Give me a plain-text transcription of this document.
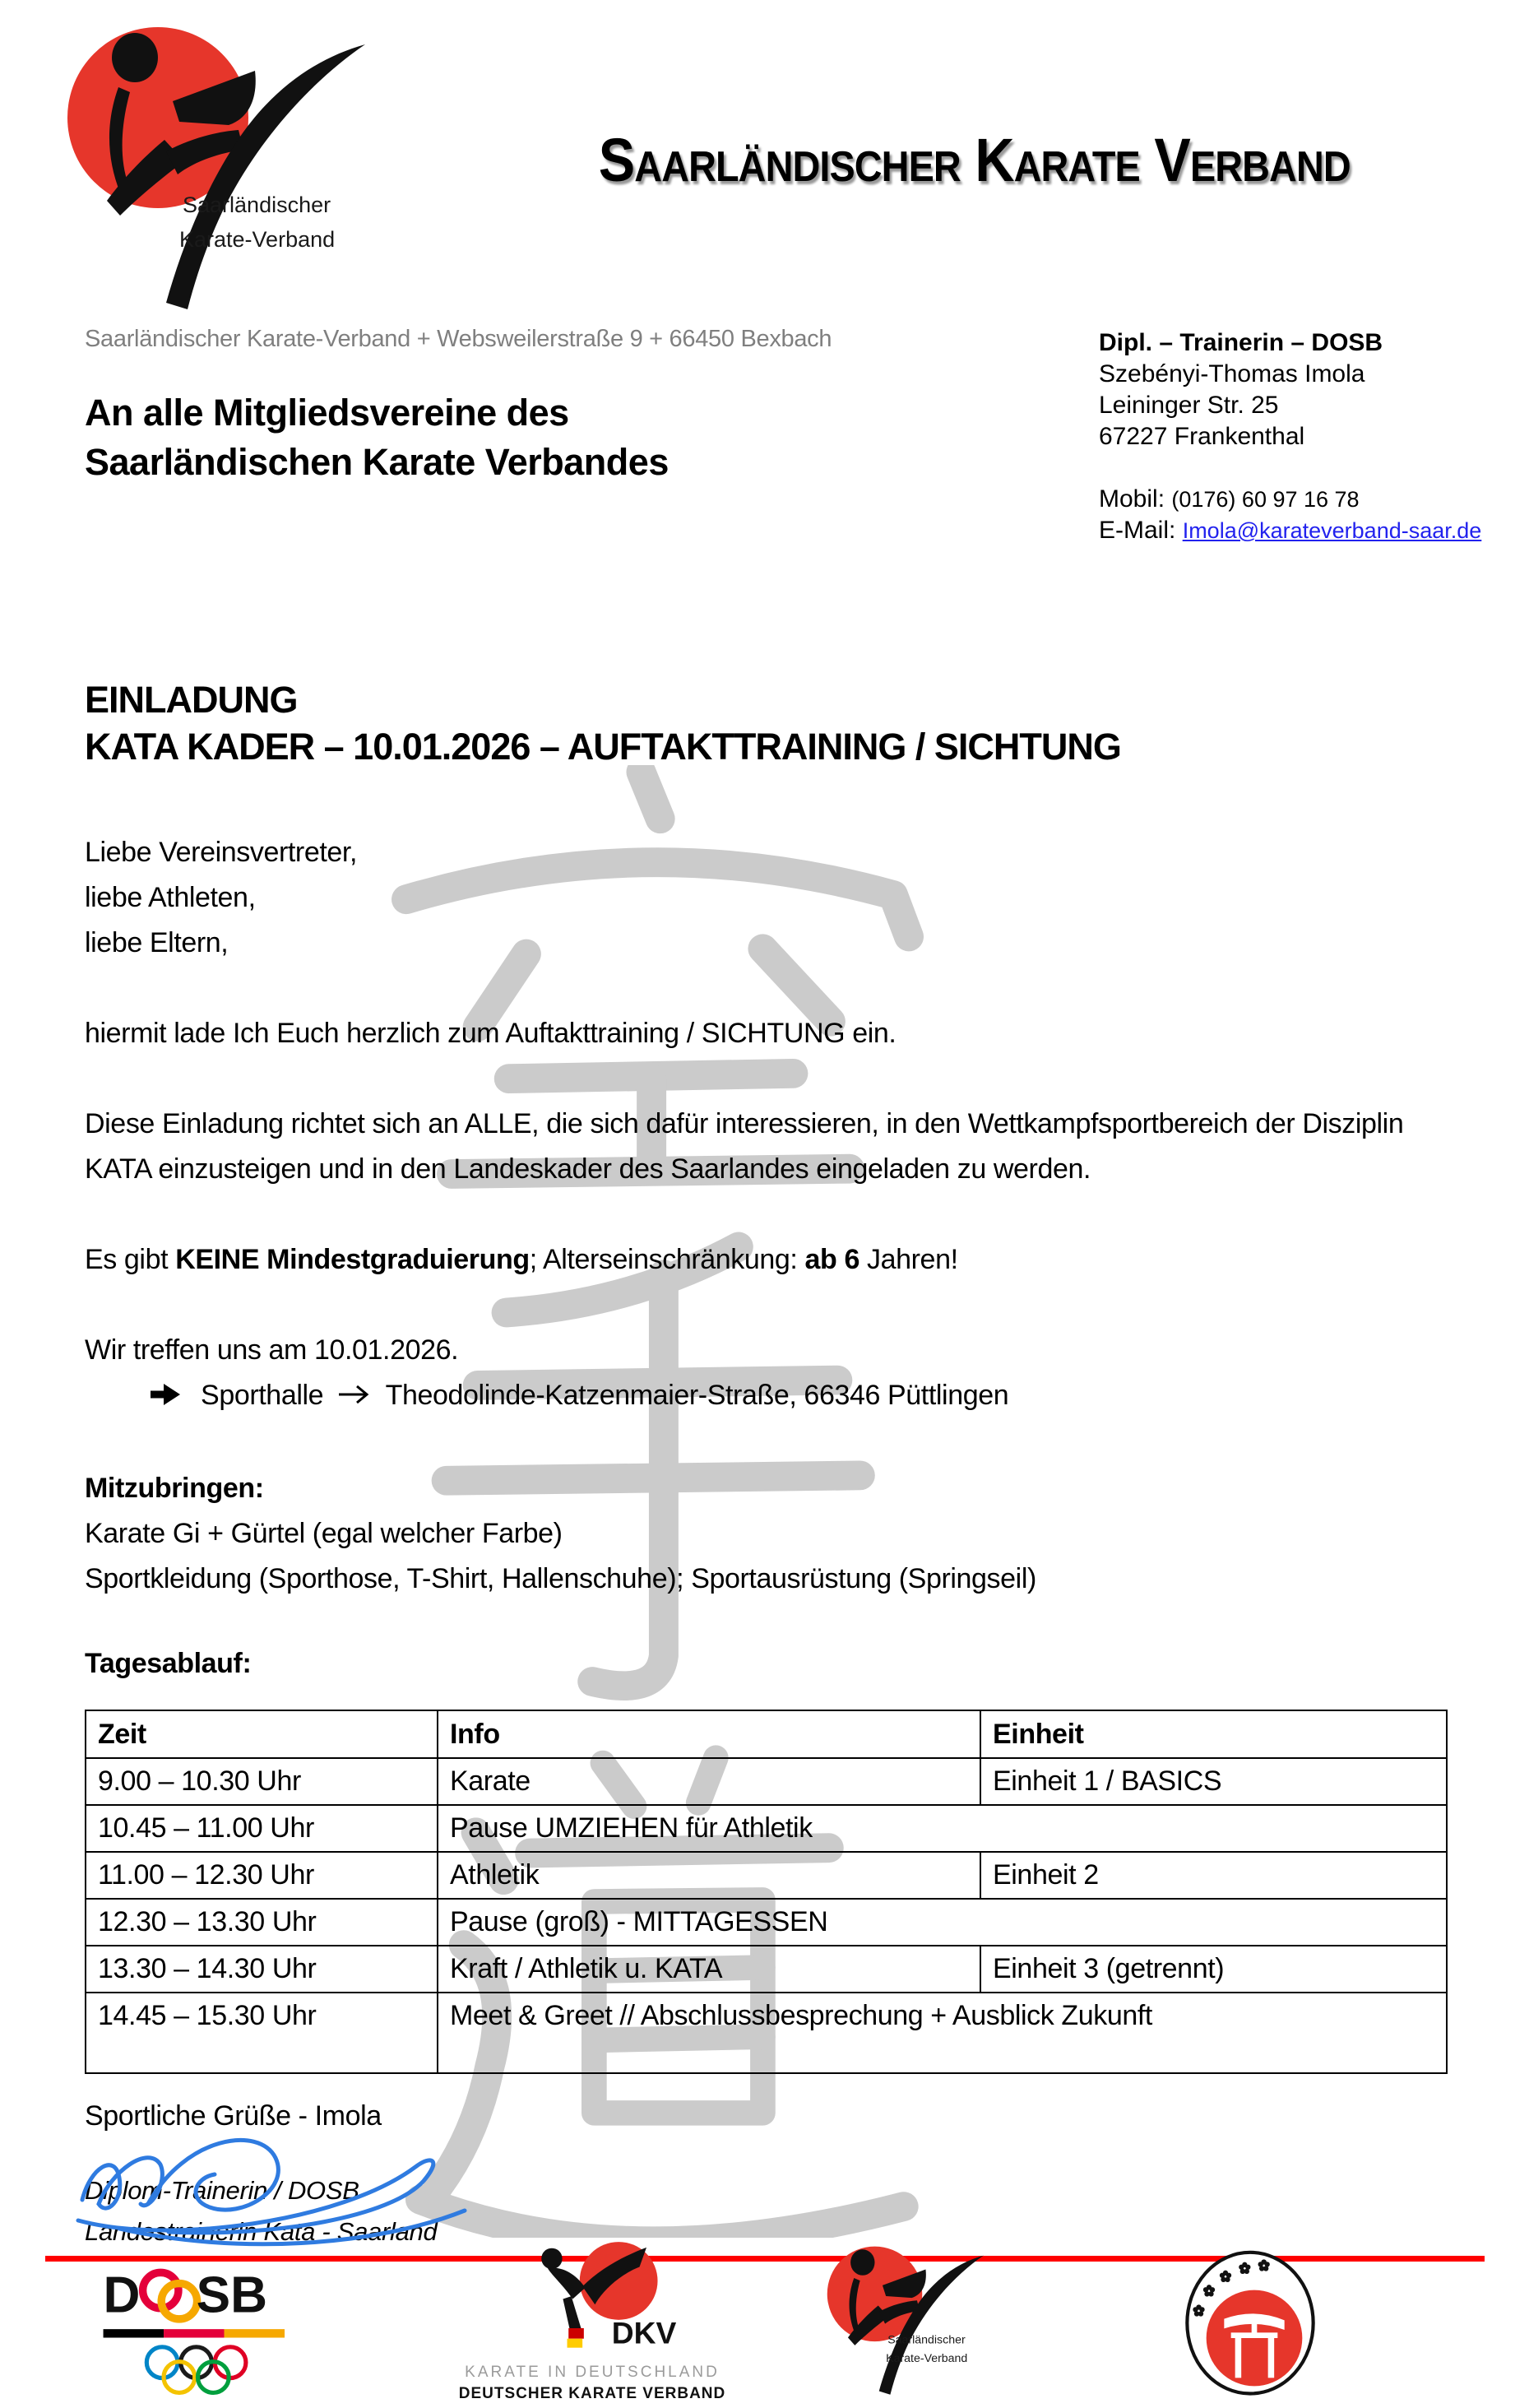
Saarländischer
Karate-Verband
Saarländischer Karate Verband
Saarländischer Karate-Verband + Websweilerstraße 9 + 66450 Bexbach
An alle Mitgliedsvereine des
Saarländischen Karate Verbandes
Dipl. – Trainerin – DOSB
Szebényi-Thomas Imola
Leininger Str. 25
67227 Frankenthal
Mobil: (0176) 60 97 16 78
E-Mail: Imola@karateverband-saar.de
EINLADUNG
KATA KADER – 10.01.2026 – AUFTAKTTRAINING / SICHTUNG
Liebe Vereinsvertreter,
liebe Athleten,
liebe Eltern,

hiermit lade Ich Euch herzlich zum Auftakttraining / SICHTUNG ein.

Diese Einladung richtet sich an ALLE, die sich dafür interessieren, in den Wettkampfsportbereich der Disziplin KATA einzusteigen und in den Landeskader des Saarlandes eingeladen zu werden.

Es gibt KEINE Mindestgraduierung; Alterseinschränkung: ab 6 Jahren!

Wir treffen uns am 10.01.2026.
Sporthalle Theodolinde-Katzenmaier-Straße, 66346 Püttlingen
Mitzubringen:
Karate Gi + Gürtel (egal welcher Farbe)
Sportkleidung (Sporthose, T-Shirt, Hallenschuhe); Sportausrüstung (Springseil)
Tagesablauf:
Zeit	Info	Einheit
9.00 – 10.30 Uhr	Karate	Einheit 1 / BASICS
10.45 – 11.00 Uhr	Pause UMZIEHEN für Athletik	
11.00 – 12.30 Uhr	Athletik	Einheit 2
12.30 – 13.30 Uhr	Pause (groß) - MITTAGESSEN	
13.30 – 14.30 Uhr	Kraft / Athletik u. KATA	Einheit 3 (getrennt)
14.45 – 15.30 Uhr	Meet & Greet // Abschlussbesprechung + Ausblick Zukunft	
Sportliche Grüße - Imola
Diplom-Trainerin / DOSB
Landestrainerin Kata - Saarland
D SB
DKV
KARATE IN DEUTSCHLAND
DEUTSCHER KARATE VERBAND
Saarländischer
Karate-Verband
